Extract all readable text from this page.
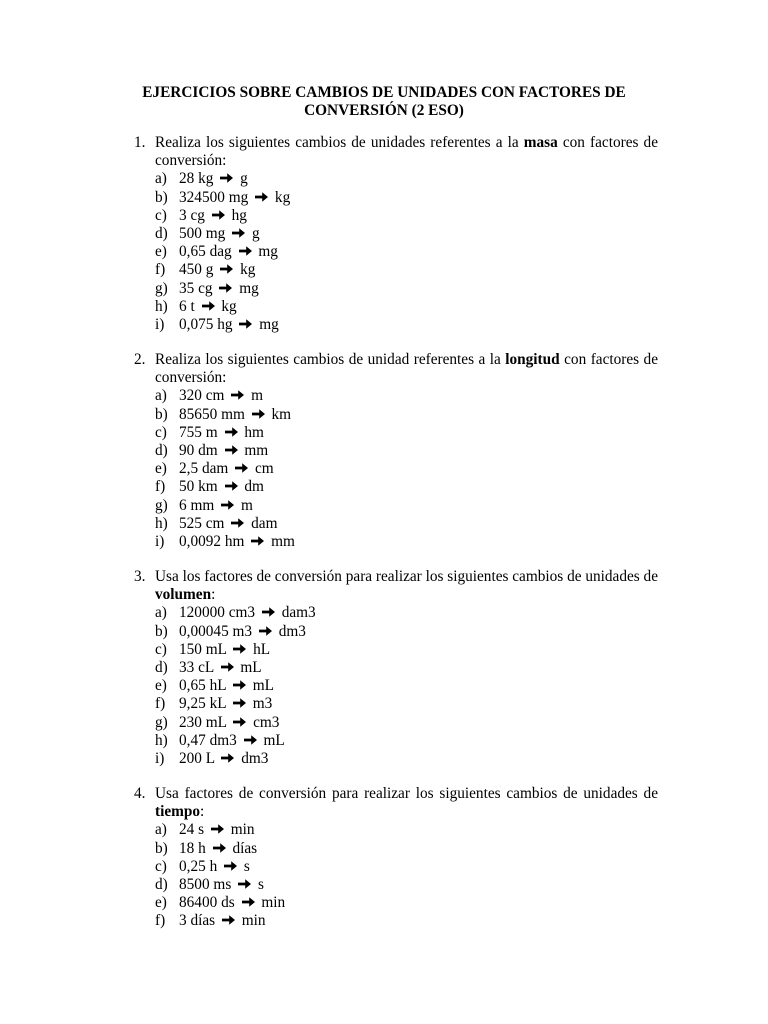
EJERCICIOS SOBRE CAMBIOS DE UNIDADES CON FACTORES DE
CONVERSIÓN (2 ESO)
1. Realiza los siguientes cambios de unidades referentes a la masa con factores de conversión:
a) 28 kg g
b) 324500 mg kg
c) 3 cg hg
d) 500 mg g
e) 0,65 dag mg
f) 450 g kg
g) 35 cg mg
h) 6 t kg
i) 0,075 hg mg
2. Realiza los siguientes cambios de unidad referentes a la longitud con factores de conversión:
a) 320 cm m
b) 85650 mm km
c) 755 m hm
d) 90 dm mm
e) 2,5 dam cm
f) 50 km dm
g) 6 mm m
h) 525 cm dam
i) 0,0092 hm mm
3. Usa los factores de conversión para realizar los siguientes cambios de unidades de volumen:
a) 120000 cm3 dam3
b) 0,00045 m3 dm3
c) 150 mL hL
d) 33 cL mL
e) 0,65 hL mL
f) 9,25 kL m3
g) 230 mL cm3
h) 0,47 dm3 mL
i) 200 L dm3
4. Usa factores de conversión para realizar los siguientes cambios de unidades de tiempo:
a) 24 s min
b) 18 h días
c) 0,25 h s
d) 8500 ms s
e) 86400 ds min
f) 3 días min
